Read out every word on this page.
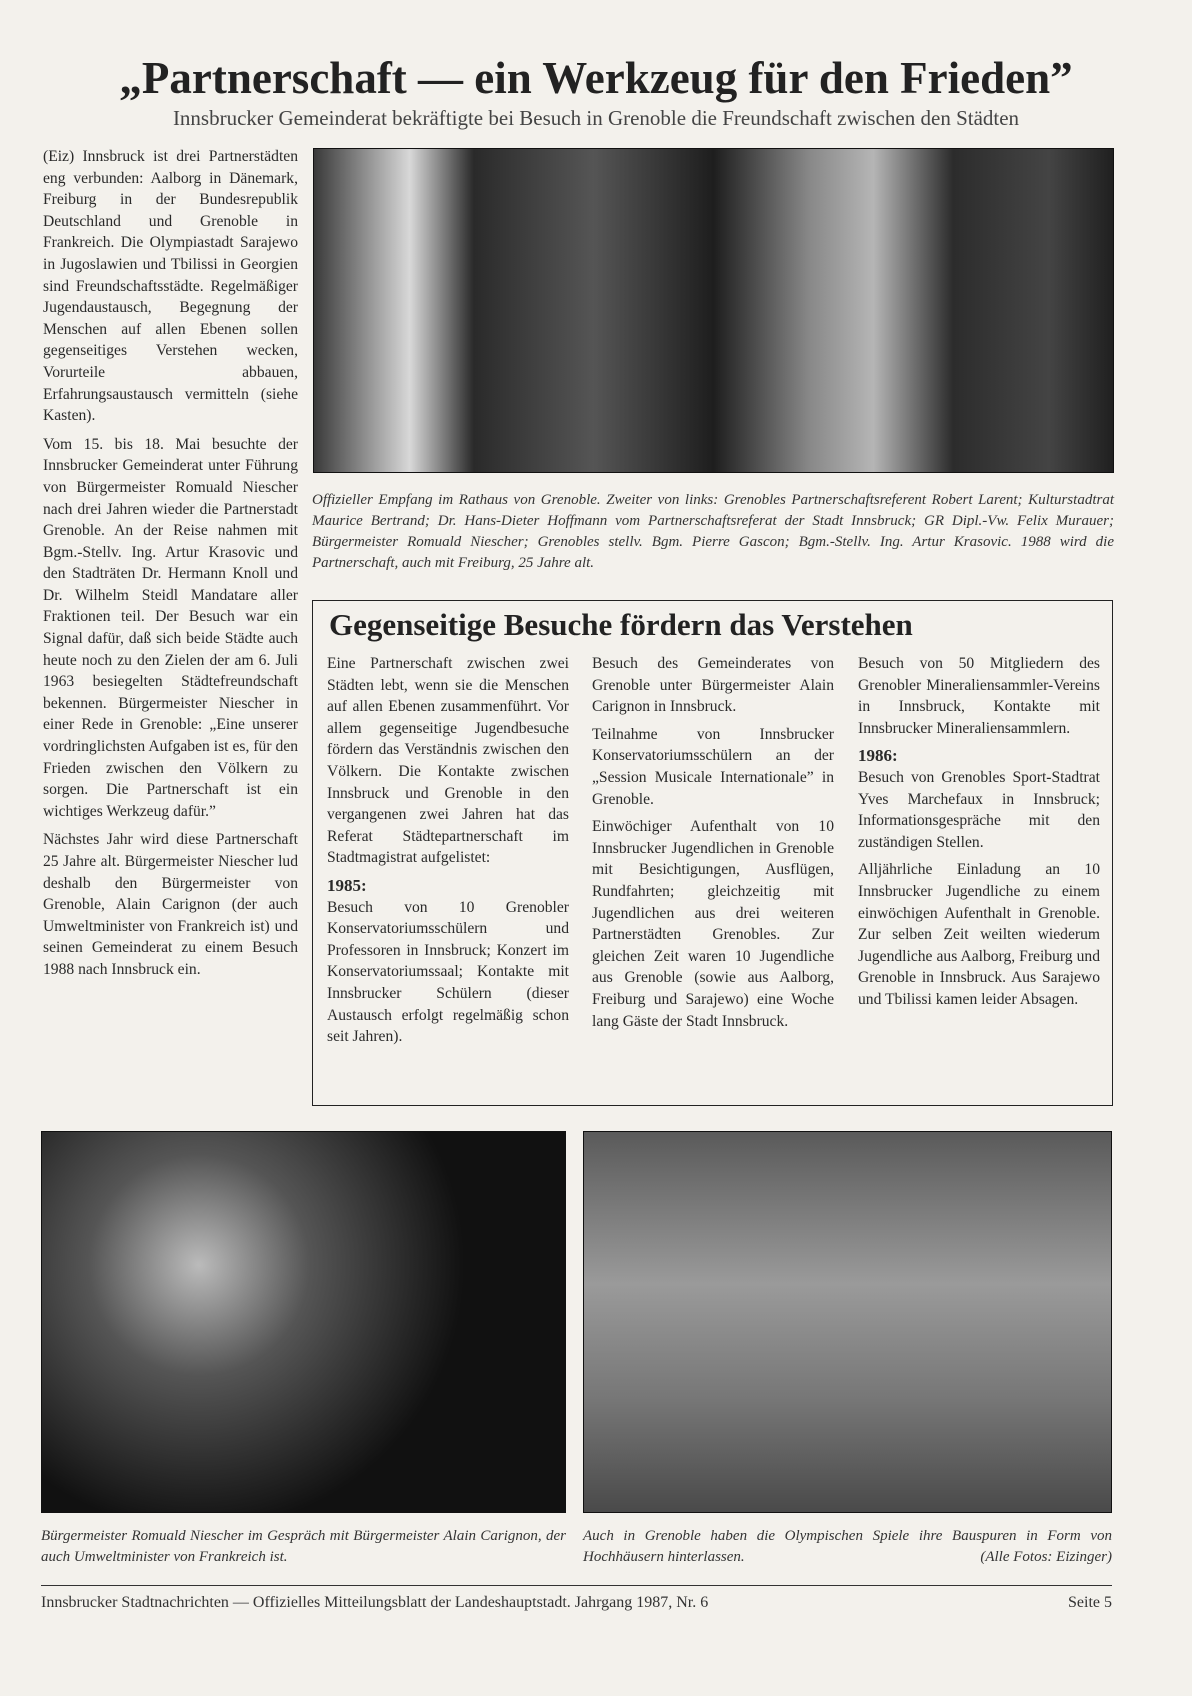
„Partnerschaft — ein Werkzeug für den Frieden”
Innsbrucker Gemeinderat bekräftigte bei Besuch in Grenoble die Freundschaft zwischen den Städten

(Eiz) Innsbruck ist drei Partnerstädten eng verbunden: Aalborg in Dänemark, Freiburg in der Bundesrepublik Deutschland und Grenoble in Frankreich. Die Olympiastadt Sarajewo in Jugoslawien und Tbilissi in Georgien sind Freundschaftsstädte. Regelmäßiger Jugendaustausch, Begegnung der Menschen auf allen Ebenen sollen gegenseitiges Verstehen wecken, Vorurteile abbauen, Erfahrungsaustausch vermitteln (siehe Kasten).

Vom 15. bis 18. Mai besuchte der Innsbrucker Gemeinderat unter Führung von Bürgermeister Romuald Niescher nach drei Jahren wieder die Partnerstadt Grenoble. An der Reise nahmen mit Bgm.-Stellv. Ing. Artur Krasovic und den Stadträten Dr. Hermann Knoll und Dr. Wilhelm Steidl Mandatare aller Fraktionen teil. Der Besuch war ein Signal dafür, daß sich beide Städte auch heute noch zu den Zielen der am 6. Juli 1963 besiegelten Städtefreundschaft bekennen. Bürgermeister Niescher in einer Rede in Grenoble: „Eine unserer vordringlichsten Aufgaben ist es, für den Frieden zwischen den Völkern zu sorgen. Die Partnerschaft ist ein wichtiges Werkzeug dafür.”

Nächstes Jahr wird diese Partnerschaft 25 Jahre alt. Bürgermeister Niescher lud deshalb den Bürgermeister von Grenoble, Alain Carignon (der auch Umweltminister von Frankreich ist) und seinen Gemeinderat zu einem Besuch 1988 nach Innsbruck ein.

Offizieller Empfang im Rathaus von Grenoble. Zweiter von links: Grenobles Partnerschaftsreferent Robert Larent; Kulturstadtrat Maurice Bertrand; Dr. Hans-Dieter Hoffmann vom Partnerschaftsreferat der Stadt Innsbruck; GR Dipl.-Vw. Felix Murauer; Bürgermeister Romuald Niescher; Grenobles stellv. Bgm. Pierre Gascon; Bgm.-Stellv. Ing. Artur Krasovic. 1988 wird die Partnerschaft, auch mit Freiburg, 25 Jahre alt.
Gegenseitige Besuche fördern das Verstehen

Eine Partnerschaft zwischen zwei Städten lebt, wenn sie die Menschen auf allen Ebenen zusammenführt. Vor allem gegenseitige Jugendbesuche fördern das Verständnis zwischen den Völkern. Die Kontakte zwischen Innsbruck und Grenoble in den vergangenen zwei Jahren hat das Referat Städtepartnerschaft im Stadtmagistrat aufgelistet:

1985:

Besuch von 10 Grenobler Konservatoriumsschülern und Professoren in Innsbruck; Konzert im Konservatoriumssaal; Kontakte mit Innsbrucker Schülern (dieser Austausch erfolgt regelmäßig schon seit Jahren).

Besuch des Gemeinderates von Grenoble unter Bürgermeister Alain Carignon in Innsbruck.

Teilnahme von Innsbrucker Konservatoriumsschülern an der „Session Musicale Internationale” in Grenoble.

Einwöchiger Aufenthalt von 10 Innsbrucker Jugendlichen in Grenoble mit Besichtigungen, Ausflügen, Rundfahrten; gleichzeitig mit Jugendlichen aus drei weiteren Partnerstädten Grenobles. Zur gleichen Zeit waren 10 Jugendliche aus Grenoble (sowie aus Aalborg, Freiburg und Sarajewo) eine Woche lang Gäste der Stadt Innsbruck.

Besuch von 50 Mitgliedern des Grenobler Mineraliensammler-Vereins in Innsbruck, Kontakte mit Innsbrucker Mineraliensammlern.

1986:

Besuch von Grenobles Sport-Stadtrat Yves Marchefaux in Innsbruck; Informationsgespräche mit den zuständigen Stellen.

Alljährliche Einladung an 10 Innsbrucker Jugendliche zu einem einwöchigen Aufenthalt in Grenoble. Zur selben Zeit weilten wiederum Jugendliche aus Aalborg, Freiburg und Grenoble in Innsbruck. Aus Sarajewo und Tbilissi kamen leider Absagen.

Bürgermeister Romuald Niescher im Gespräch mit Bürgermeister Alain Carignon, der auch Umweltminister von Frankreich ist.
Auch in Grenoble haben die Olympischen Spiele ihre Bauspuren in Form von Hochhäusern hinterlassen.	(Alle Fotos: Eizinger)
Innsbrucker Stadtnachrichten — Offizielles Mitteilungsblatt der Landeshauptstadt. Jahrgang 1987, Nr. 6	Seite 5
